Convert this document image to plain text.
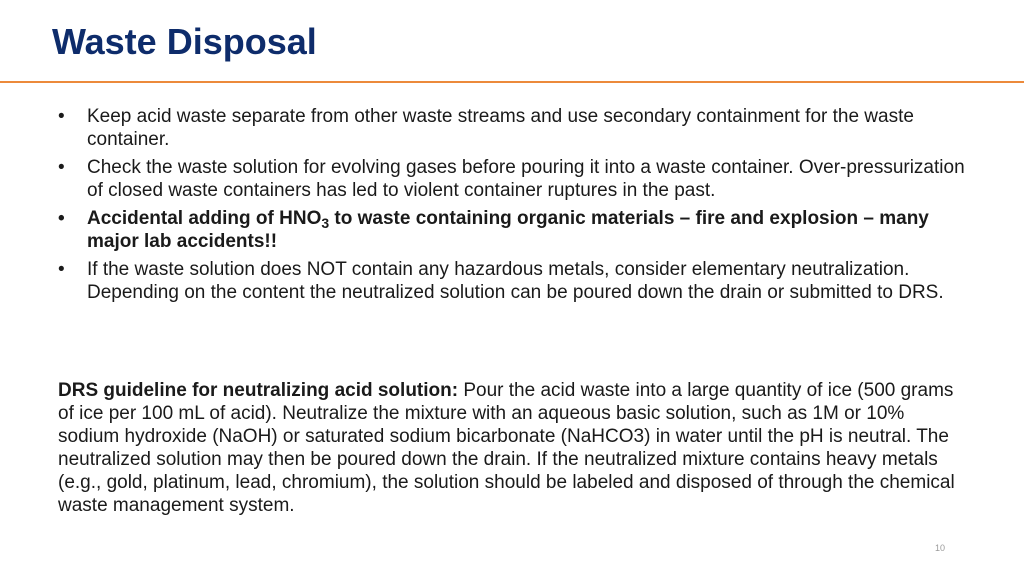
Waste Disposal
• Keep acid waste separate from other waste streams and use secondary containment for the waste container.
• Check the waste solution for evolving gases before pouring it into a waste container. Over-pressurization of closed waste containers has led to violent container ruptures in the past.
• Accidental adding of $HNO_3$ to waste containing organic materials – fire and explosion – many major lab accidents!!
• If the waste solution does NOT contain any hazardous metals, consider elementary neutralization. Depending on the content the neutralized solution can be poured down the drain or submitted to DRS.

DRS guideline for neutralizing acid solution: Pour the acid waste into a large quantity of ice (500 grams of ice per 100 mL of acid). Neutralize the mixture with an aqueous basic solution, such as 1M or 10% sodium hydroxide (NaOH) or saturated sodium bicarbonate (NaHCO3) in water until the pH is neutral. The neutralized solution may then be poured down the drain. If the neutralized mixture contains heavy metals (e.g., gold, platinum, lead, chromium), the solution should be labeled and disposed of through the chemical waste management system.

10
